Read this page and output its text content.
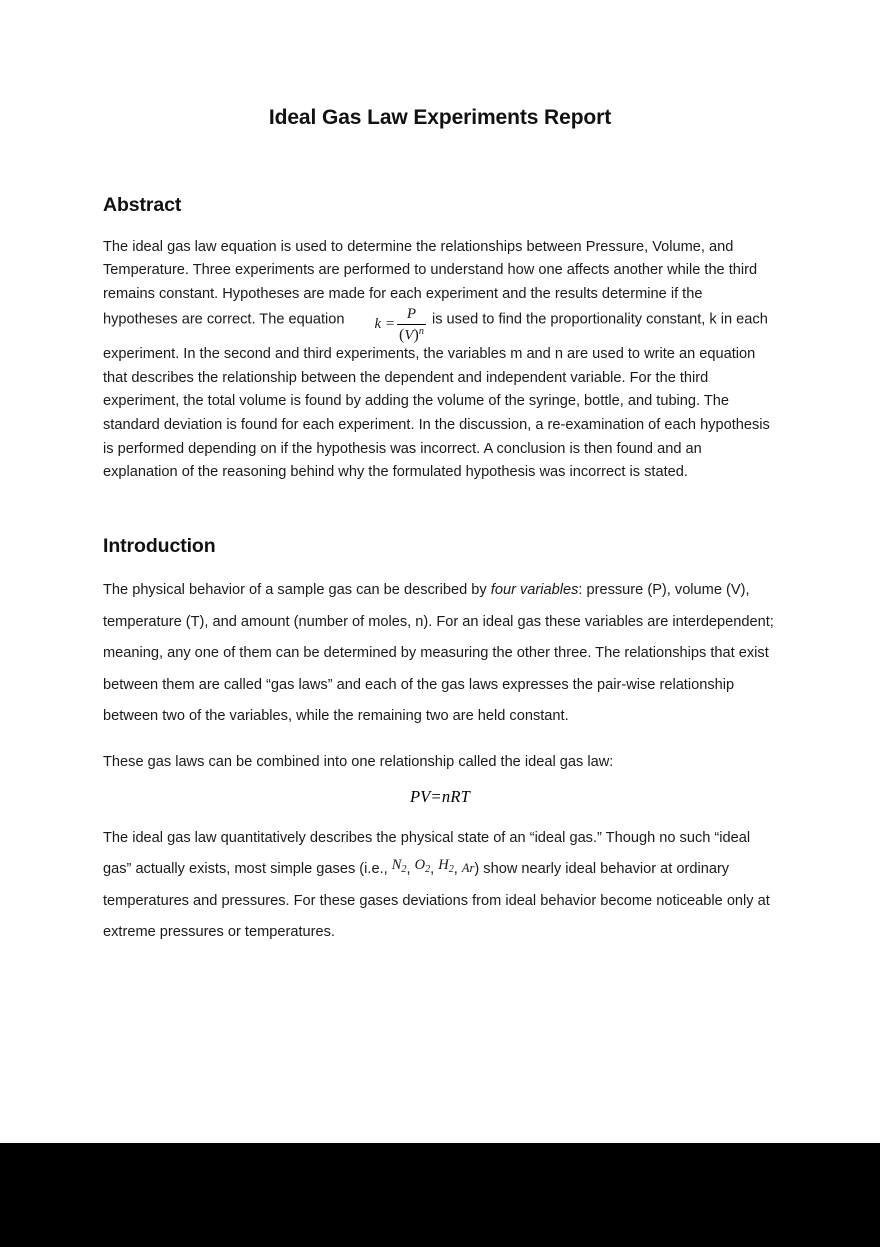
Ideal Gas Law Experiments Report
Abstract

The ideal gas law equation is used to determine the relationships between Pressure, Volume, and Temperature. Three experiments are performed to understand how one affects another while the third remains constant. Hypotheses are made for each experiment and the results determine if the hypotheses are correct. The equation $k = \frac{P}{(V)^n}$ is used to find the proportionality constant, k in each experiment. In the second and third experiments, the variables m and n are used to write an equation that describes the relationship between the dependent and independent variable. For the third experiment, the total volume is found by adding the volume of the syringe, bottle, and tubing. The standard deviation is found for each experiment. In the discussion, a re-examination of each hypothesis is performed depending on if the hypothesis was incorrect. A conclusion is then found and an explanation of the reasoning behind why the formulated hypothesis was incorrect is stated.

Introduction

The physical behavior of a sample gas can be described by four variables: pressure (P), volume (V), temperature (T), and amount (number of moles, n). For an ideal gas these variables are interdependent; meaning, any one of them can be determined by measuring the other three. The relationships that exist between them are called “gas laws” and each of the gas laws expresses the pair-wise relationship between two of the variables, while the remaining two are held constant.

These gas laws can be combined into one relationship called the ideal gas law:

PV=nRT

The ideal gas law quantitatively describes the physical state of an “ideal gas.” Though no such “ideal gas” actually exists, most simple gases (i.e., $N_2$, $O_2$, $H_2$, Ar) show nearly ideal behavior at ordinary temperatures and pressures. For these gases deviations from ideal behavior become noticeable only at extreme pressures or temperatures.
